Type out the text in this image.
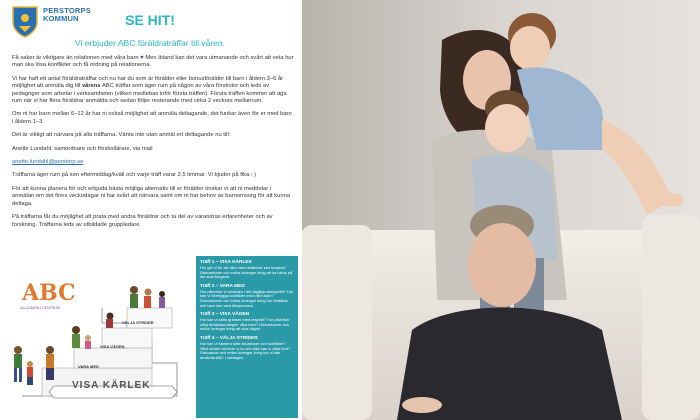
PERSTORPS
KOMMUN	SE HIT!
Vi erbjuder ABC föräldraträffar till våren.

Få saker är viktigare än relationen med våra barn ♥ Men ibland kan det vara utmanande och svårt att veta hur man ska lösa konflikter och få ordning på relationerna.

Vi har haft ett antal föräldraträffar och nu har du som är förälder eller bonusförälder till barn i åldern 3–6 år möjlighet att anmäla dig till vårens ABC träffar som äger rum på någon av våra förskolor och leds av pedagoger som arbetar i verksamheten (vilken medlebas inför första träffen). Första träffen kommer att äga rum när vi har flera föräldrar anmälda och sedan följer resterande med cirka 2 veckors mellanrum.

Om ni har barn mellan 6–12 år har ni också möjlighet att anmäla deltagande, det funkar även för er med barn i åldern 1–3.

Det är viktigt att närvara på alla träffarna. Vänta inte utan anmäl ert deltagande nu till:

Anette Lundahl, samordnare och förskollärare, via mail

anette.lundahl@perstorp.se

Träffarna äger rum på sen eftermiddag/kväll och varje träff varar 2,5 timmar. Vi bjuder på fika : )

För att kunna planera för och erbjuda bästa möjliga alternativ till er förälder önskar vi att ni meddelar i anmälan om det finns veckodagar ni har svårt att närvara samt om ni har behov av barnomsorg för att kunna deltaga.

På träffarna får du möjlighet att prata med andra föräldrar och ta del av varandras erfarenheter och av forskning. Träffarna leds av utbildade gruppledare.

ABC
ALLA BARN I CENTRUM
VÄLJA STRIDER
VISA VÄGEN
VARA MED
VISA KÄRLEK
Träff 1 – VISA KÄRLEK
Hur gör vi för att våra nära relationer ska fungera? Diskussioner och enkla övningar kring att ha fokus på det som fungerar.
Träff 2 – VARA MED
Hur påverkar vi varandra i det dagliga samspelet? Hur kan vi förebygga konflikter med våra barn? Diskussioner och enkla övningar kring hur föräldrar och barn kan vara tillsammans.
Träff 3 – VISA VÄGEN
Hur kan vi sätta gränser med respekt? Hur påverkar olika föräldrastrategier våra barn? Diskussioner och enkla övningar kring att visa vägen.
Träff 4 – VÄLJA STRIDER
Hur kan vi hantera tuffa situationer och konflikter? Vilka strider behöver vi ta och vilka kan vi välja bort? Diskussion och enkla övningar kring hur ni kan använda ABC i vardagen.
